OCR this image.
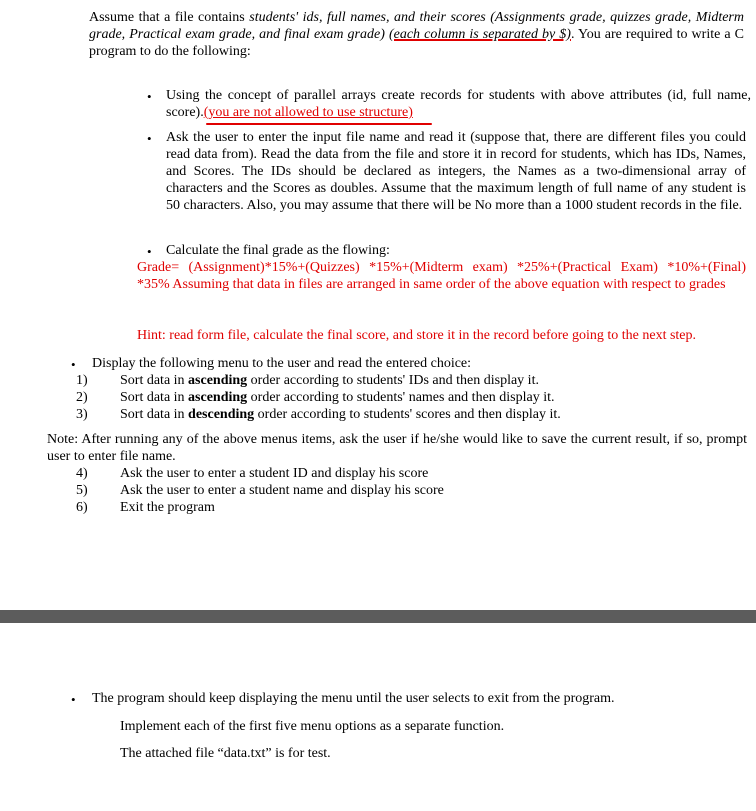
Assume that a file contains students' ids, full names, and their scores (Assignments grade, quizzes grade, Midterm grade, Practical exam grade, and final exam grade) (each column is separated by $). You are required to write a C program to do the following:
• Using the concept of parallel arrays create records for students with above attributes (id, full name, score).(you are not allowed to use structure)
• Ask the user to enter the input file name and read it (suppose that, there are different files you could read data from). Read the data from the file and store it in record for students, which has IDs, Names, and Scores. The IDs should be declared as integers, the Names as a two-dimensional array of characters and the Scores as doubles. Assume that the maximum length of full name of any student is 50 characters. Also, you may assume that there will be No more than a 1000 student records in the file.
• Calculate the final grade as the flowing:
Grade= (Assignment)*15%+(Quizzes) *15%+(Midterm exam) *25%+(Practical Exam) *10%+(Final) *35% Assuming that data in files are arranged in same order of the above equation with respect to grades
Hint: read form file, calculate the final score, and store it in the record before going to the next step.
• Display the following menu to the user and read the entered choice:
1) Sort data in ascending order according to students' IDs and then display it.
2) Sort data in ascending order according to students' names and then display it.
3) Sort data in descending order according to students' scores and then display it.
Note: After running any of the above menus items, ask the user if he/she would like to save the current result, if so, prompt user to enter file name.
4) Ask the user to enter a student ID and display his score
5) Ask the user to enter a student name and display his score
6) Exit the program
• The program should keep displaying the menu until the user selects to exit from the program.
Implement each of the first five menu options as a separate function.
The attached file “data.txt” is for test.
